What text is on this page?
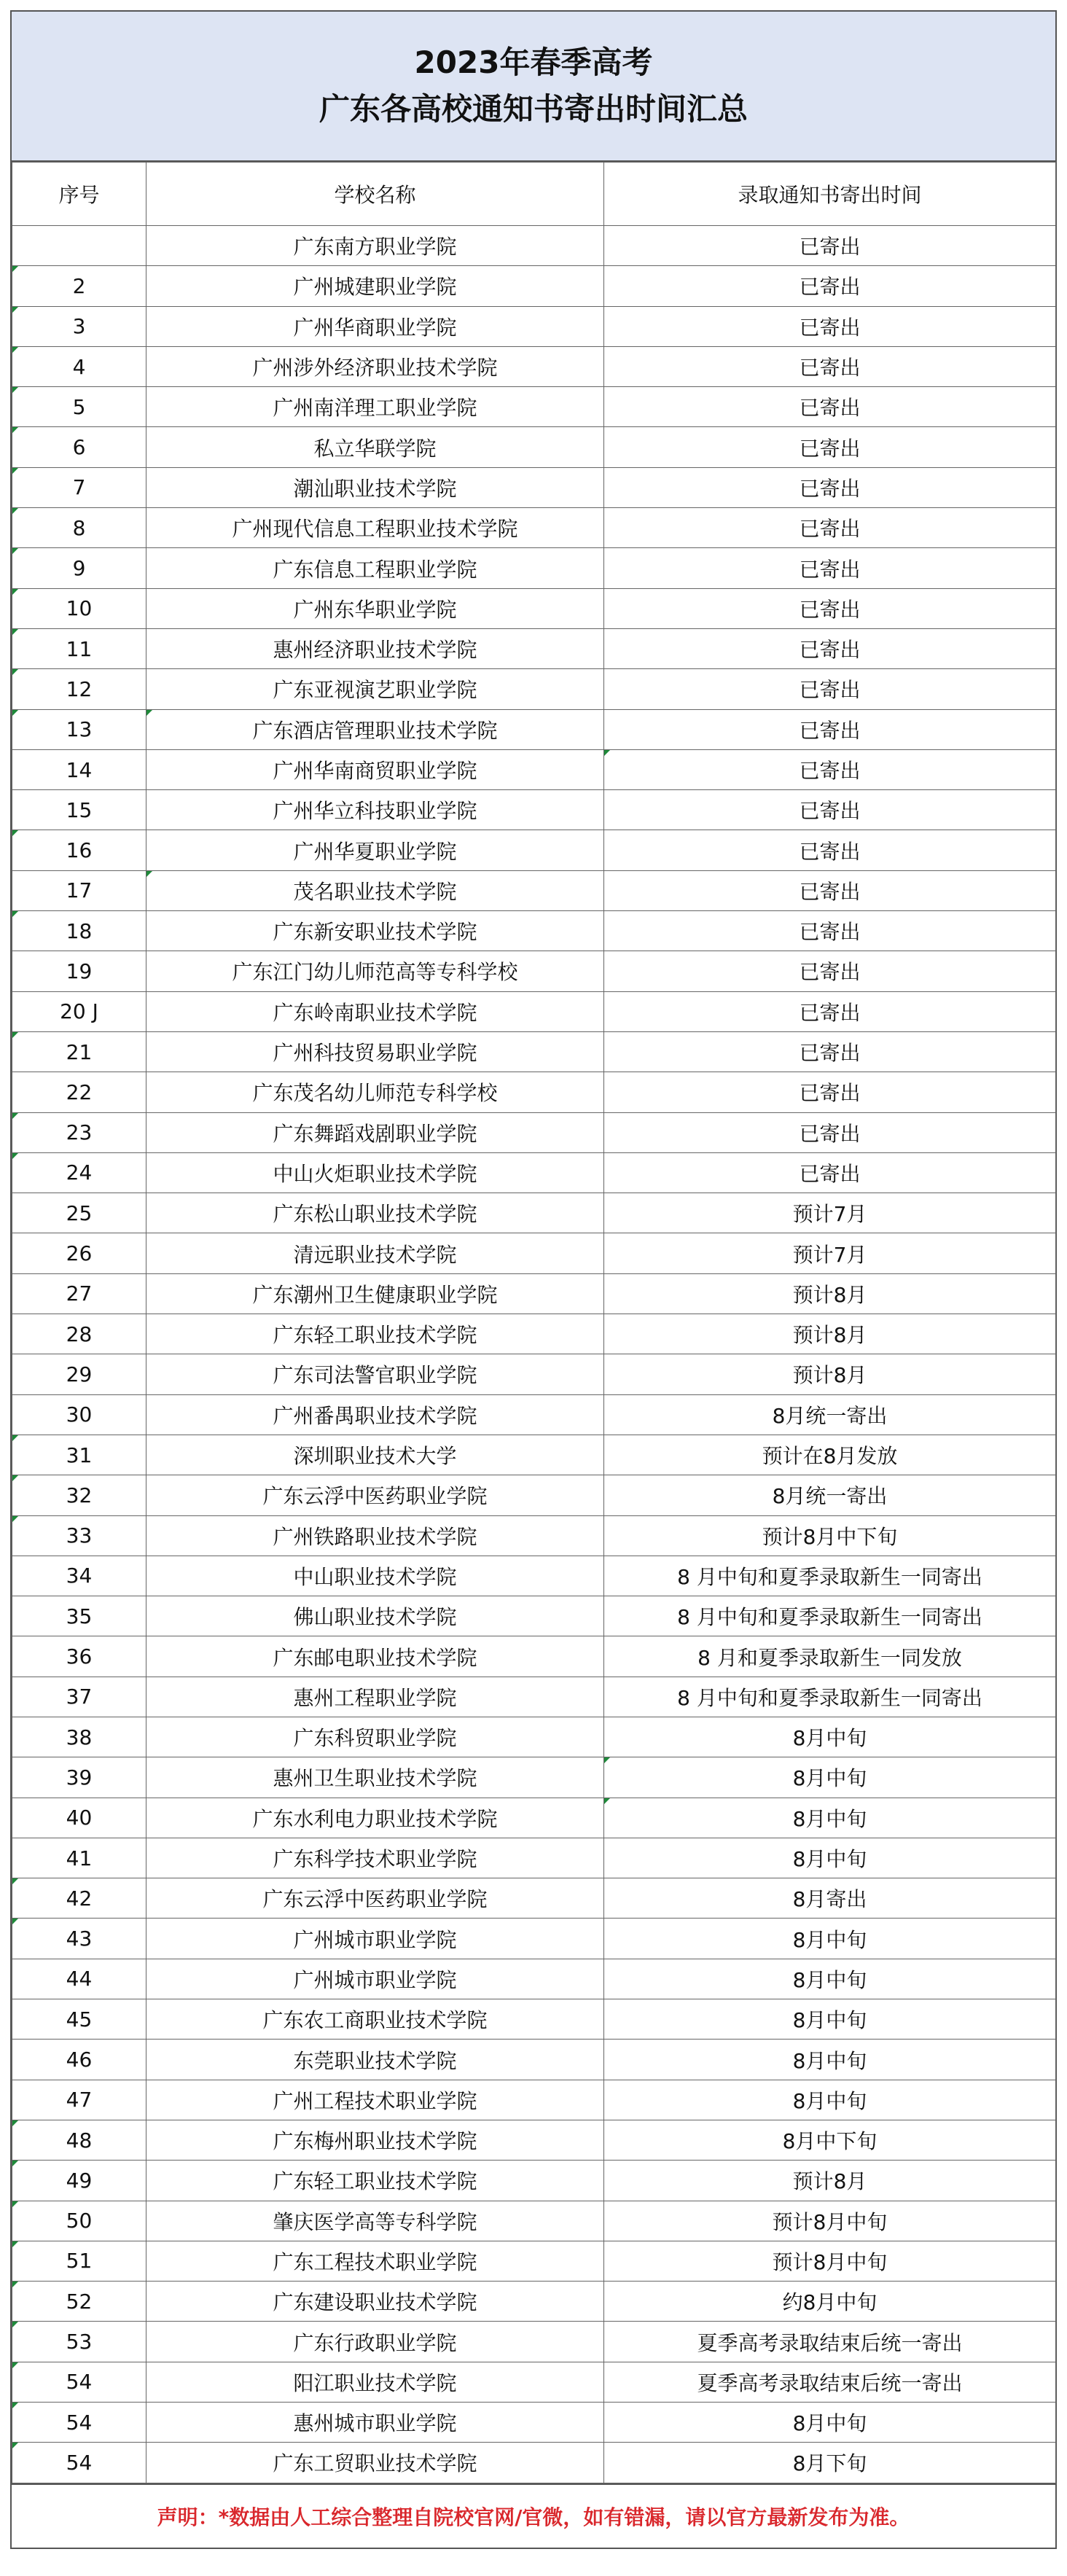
2023年春季高考
广东各高校通知书寄出时间汇总
序号	学校名称	录取通知书寄出时间
	广东南方职业学院	已寄出
2	广州城建职业学院	已寄出
3	广州华商职业学院	已寄出
4	广州涉外经济职业技术学院	已寄出
5	广州南洋理工职业学院	已寄出
6	私立华联学院	已寄出
7	潮汕职业技术学院	已寄出
8	广州现代信息工程职业技术学院	已寄出
9	广东信息工程职业学院	已寄出
10	广州东华职业学院	已寄出
11	惠州经济职业技术学院	已寄出
12	广东亚视演艺职业学院	已寄出
13	广东酒店管理职业技术学院	已寄出
14	广州华南商贸职业学院	已寄出
15	广州华立科技职业学院	已寄出
16	广州华夏职业学院	已寄出
17	茂名职业技术学院	已寄出
18	广东新安职业技术学院	已寄出
19	广东江门幼儿师范高等专科学校	已寄出
20 J	广东岭南职业技术学院	已寄出
21	广州科技贸易职业学院	已寄出
22	广东茂名幼儿师范专科学校	已寄出
23	广东舞蹈戏剧职业学院	已寄出
24	中山火炬职业技术学院	已寄出
25	广东松山职业技术学院	预计7月
26	清远职业技术学院	预计7月
27	广东潮州卫生健康职业学院	预计8月
28	广东轻工职业技术学院	预计8月
29	广东司法警官职业学院	预计8月
30	广州番禺职业技术学院	8月统一寄出
31	深圳职业技术大学	预计在8月发放
32	广东云浮中医药职业学院	8月统一寄出
33	广州铁路职业技术学院	预计8月中下旬
34	中山职业技术学院	8 月中旬和夏季录取新生一同寄出
35	佛山职业技术学院	8 月中旬和夏季录取新生一同寄出
36	广东邮电职业技术学院	8 月和夏季录取新生一同发放
37	惠州工程职业学院	8 月中旬和夏季录取新生一同寄出
38	广东科贸职业学院	8月中旬
39	惠州卫生职业技术学院	8月中旬
40	广东水利电力职业技术学院	8月中旬
41	广东科学技术职业学院	8月中旬
42	广东云浮中医药职业学院	8月寄出
43	广州城市职业学院	8月中旬
44	广州城市职业学院	8月中旬
45	广东农工商职业技术学院	8月中旬
46	东莞职业技术学院	8月中旬
47	广州工程技术职业学院	8月中旬
48	广东梅州职业技术学院	8月中下旬
49	广东轻工职业技术学院	预计8月
50	肇庆医学高等专科学院	预计8月中旬
51	广东工程技术职业学院	预计8月中旬
52	广东建设职业技术学院	约8月中旬
53	广东行政职业学院	夏季高考录取结束后统一寄出
54	阳江职业技术学院	夏季高考录取结束后统一寄出
54	惠州城市职业学院	8月中旬
54	广东工贸职业技术学院	8月下旬
声明：*数据由人工综合整理自院校官网/官微，如有错漏，请以官方最新发布为准。
